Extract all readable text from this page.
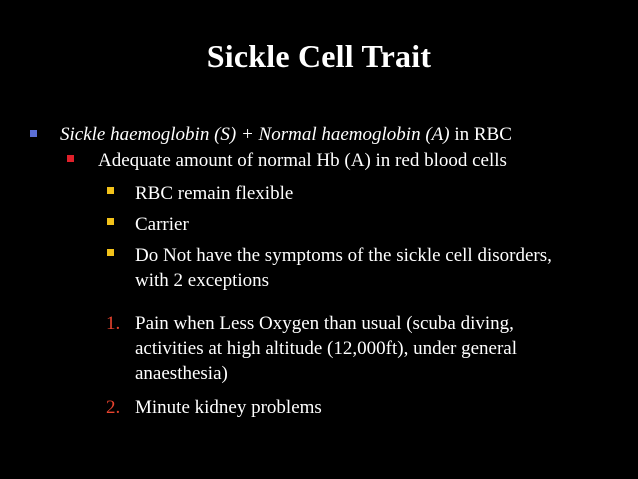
Sickle Cell Trait
Sickle haemoglobin (S) + Normal haemoglobin (A) in RBC
Adequate amount of normal Hb (A) in red blood cells
RBC remain flexible
Carrier
Do Not have the symptoms of the sickle cell disorders,
with 2 exceptions
1. Pain when Less Oxygen than usual (scuba diving,
activities at high altitude (12,000ft), under general
anaesthesia)
2. Minute kidney problems
